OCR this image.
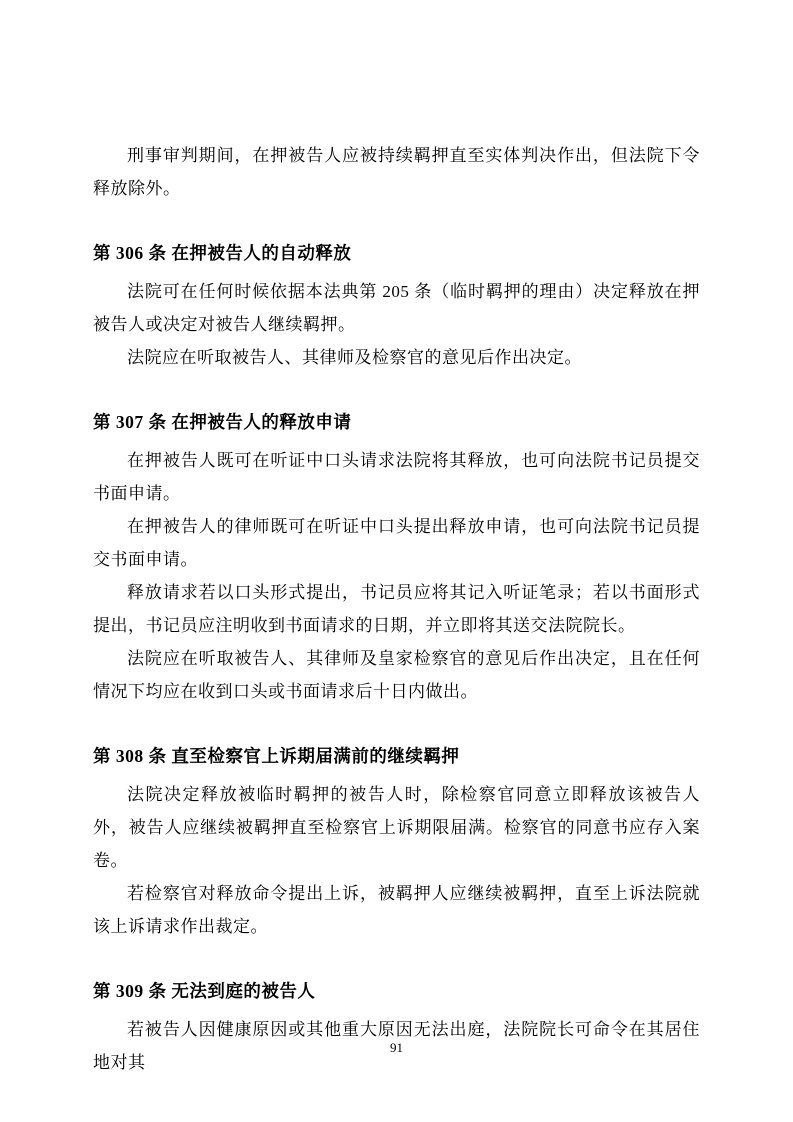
刑事审判期间，在押被告人应被持续羁押直至实体判决作出，但法院下令释放除外。

第 306 条 在押被告人的自动释放

法院可在任何时候依据本法典第 205 条（临时羁押的理由）决定释放在押被告人或决定对被告人继续羁押。

法院应在听取被告人、其律师及检察官的意见后作出决定。

第 307 条 在押被告人的释放申请

在押被告人既可在听证中口头请求法院将其释放，也可向法院书记员提交书面申请。

在押被告人的律师既可在听证中口头提出释放申请，也可向法院书记员提交书面申请。

释放请求若以口头形式提出，书记员应将其记入听证笔录；若以书面形式提出，书记员应注明收到书面请求的日期，并立即将其送交法院院长。

法院应在听取被告人、其律师及皇家检察官的意见后作出决定，且在任何情况下均应在收到口头或书面请求后十日内做出。

第 308 条 直至检察官上诉期届满前的继续羁押

法院决定释放被临时羁押的被告人时，除检察官同意立即释放该被告人外，被告人应继续被羁押直至检察官上诉期限届满。检察官的同意书应存入案卷。

若检察官对释放命令提出上诉，被羁押人应继续被羁押，直至上诉法院就该上诉请求作出裁定。

第 309 条 无法到庭的被告人

若被告人因健康原因或其他重大原因无法出庭，法院院长可命令在其居住地对其

91
